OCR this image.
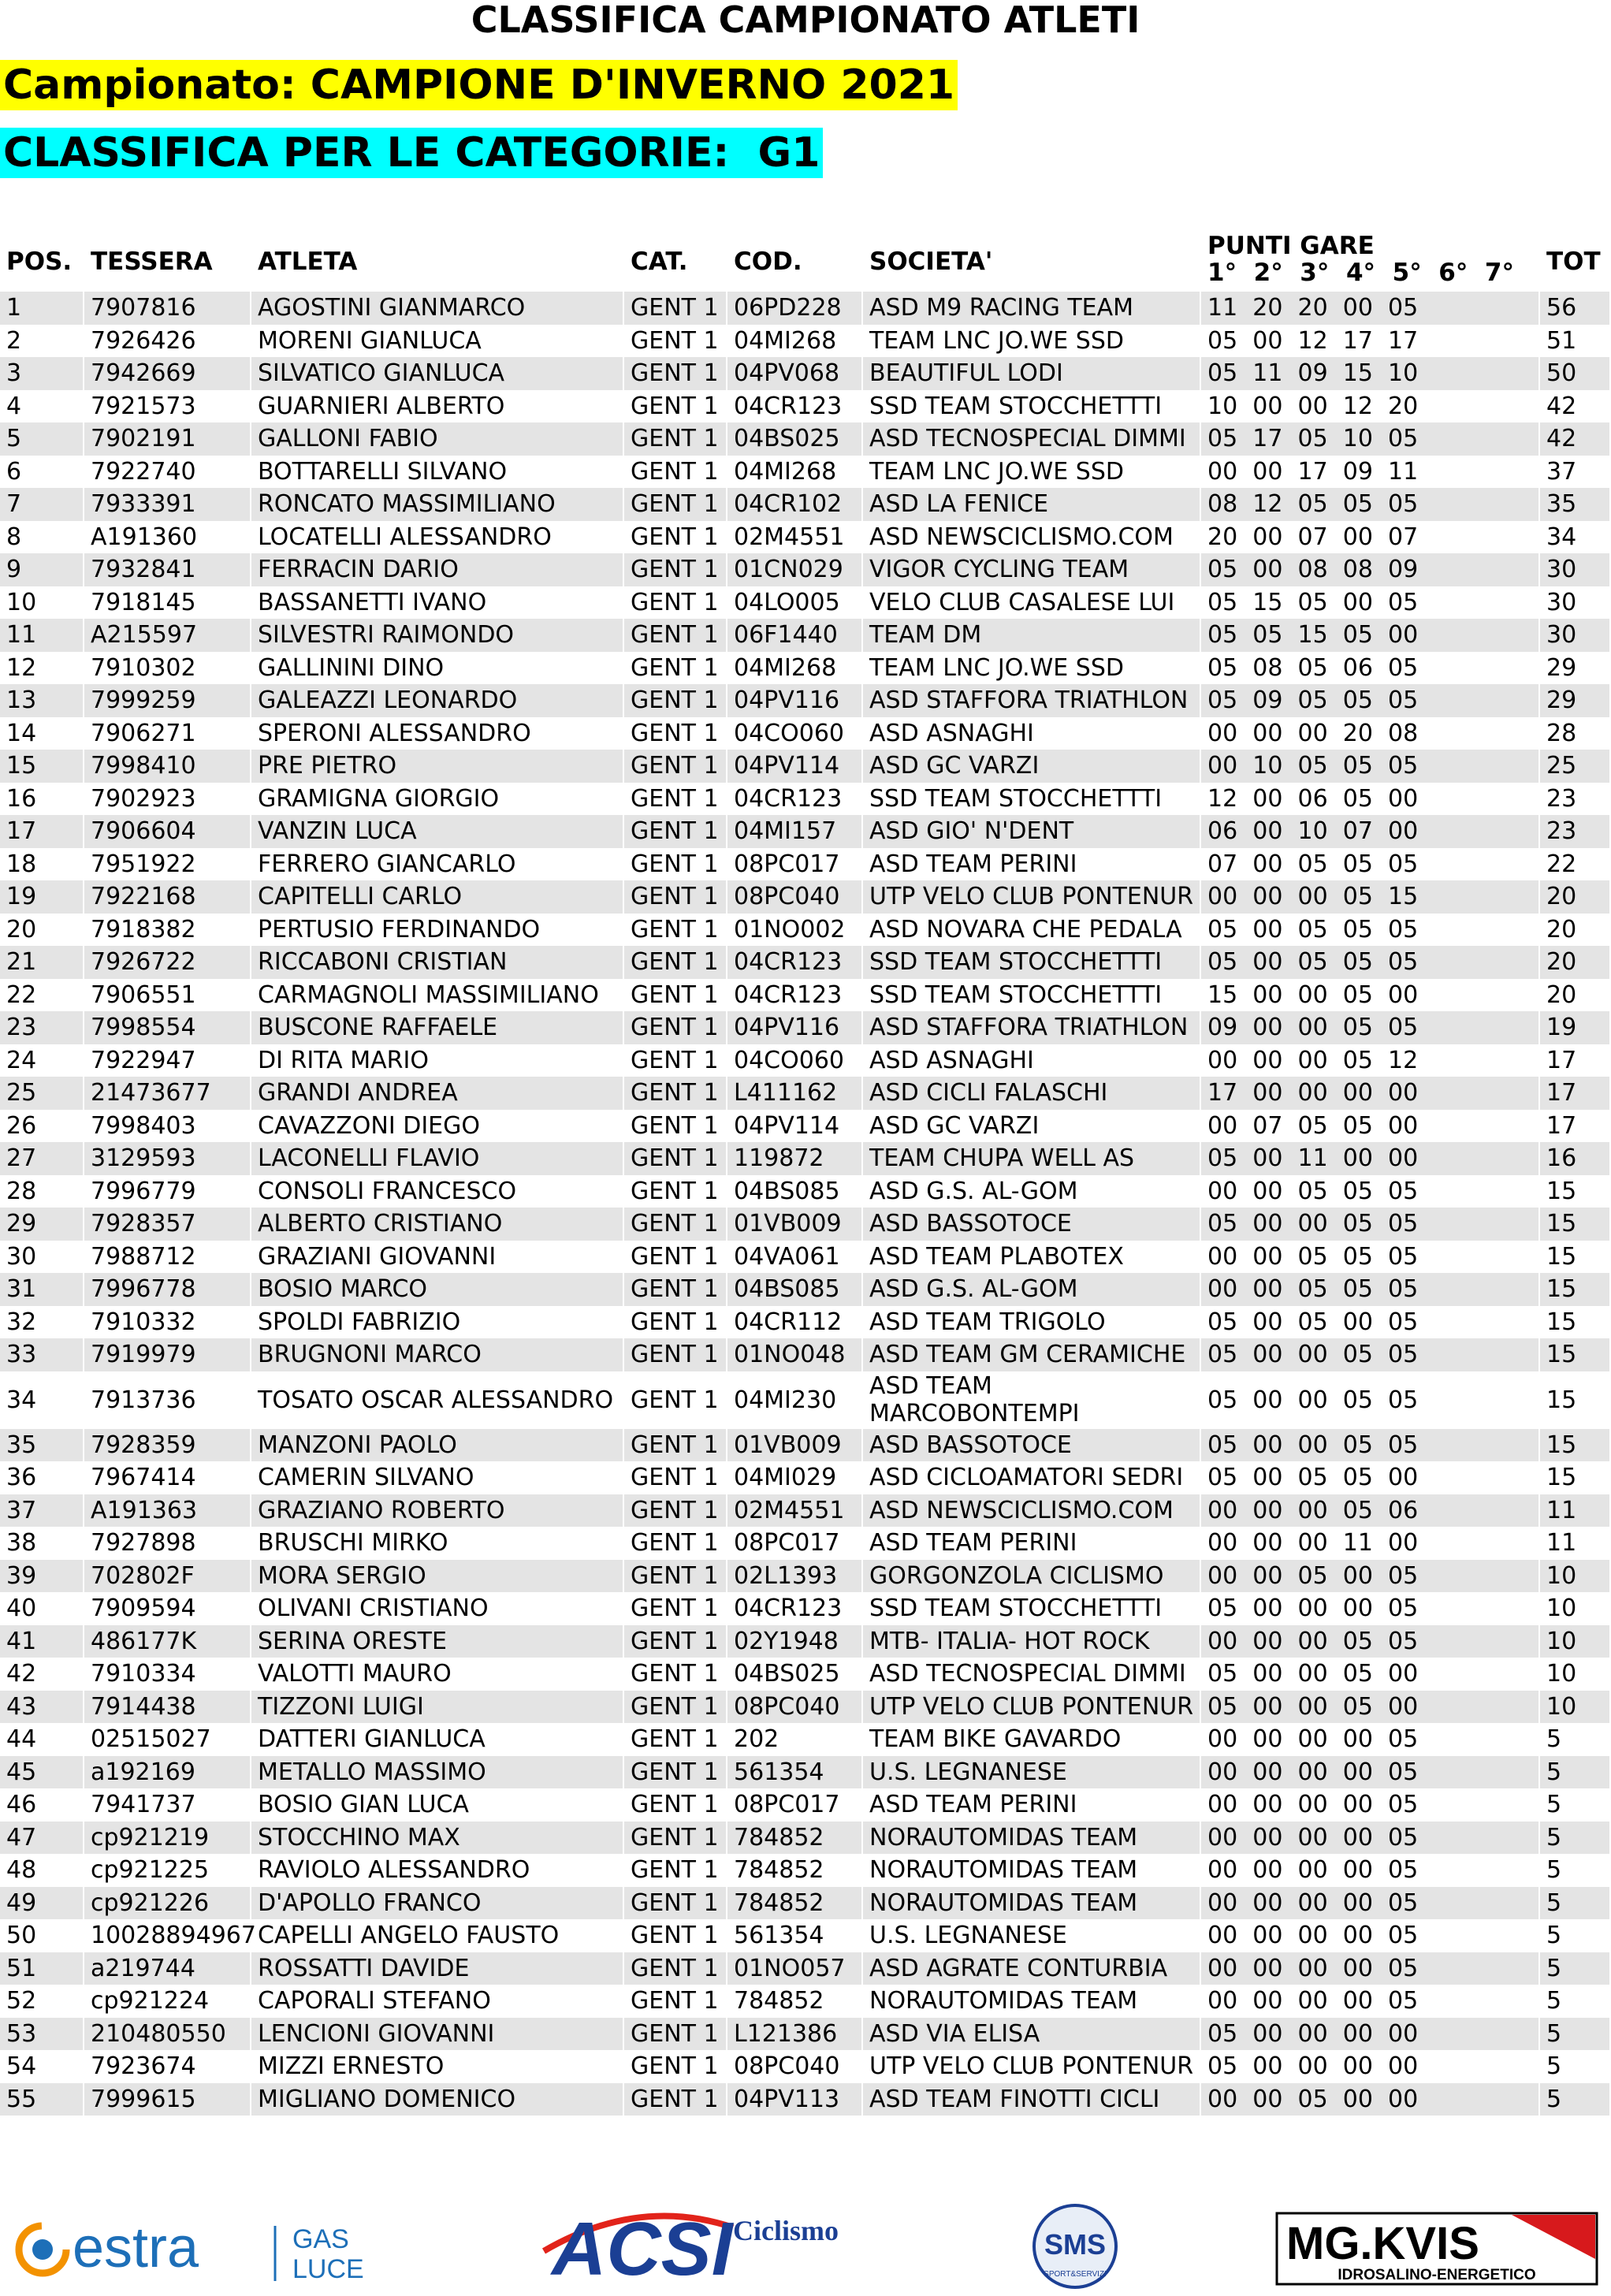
CLASSIFICA CAMPIONATO ATLETI
Campionato: CAMPIONE D'INVERNO 2021
CLASSIFICA PER LE CATEGORIE:  G1
POS. TESSERA ATLETA	CAT. COD.	SOCIETA'
PUNTI GARE
1°  2°  3°  4°  5°  6°  7° TOT
1	7907816	AGOSTINI GIANMARCO	GENT 1 06PD228	ASD M9 RACING TEAM	11  20  20  00  05	56
2	7926426	MORENI GIANLUCA	GENT 1 04MI268	TEAM LNC JO.WE SSD	05  00  12  17  17	51
3	7942669	SILVATICO GIANLUCA	GENT 1 04PV068	BEAUTIFUL LODI	05  11  09  15  10	50
4	7921573	GUARNIERI ALBERTO	GENT 1 04CR123	SSD TEAM STOCCHETTTI	10  00  00  12  20	42
5	7902191	GALLONI FABIO	GENT 1 04BS025	ASD TECNOSPECIAL DIMMI 05  17  05  10  05	42
6	7922740	BOTTARELLI SILVANO	GENT 1 04MI268	TEAM LNC JO.WE SSD	00  00  17  09  11	37
7	7933391	RONCATO MASSIMILIANO	GENT 1 04CR102	ASD LA FENICE	08  12  05  05  05	35
8	A191360	LOCATELLI ALESSANDRO	GENT 1 02M4551	ASD NEWSCICLISMO.COM	20  00  07  00  07	34
9	7932841	FERRACIN DARIO	GENT 1 01CN029	VIGOR CYCLING TEAM	05  00  08  08  09	30
10	7918145	BASSANETTI IVANO	GENT 1 04LO005	VELO CLUB CASALESE LUI	05  15  05  00  05	30
11	A215597	SILVESTRI RAIMONDO	GENT 1 06F1440	TEAM DM	05  05  15  05  00	30
12	7910302	GALLININI DINO	GENT 1 04MI268	TEAM LNC JO.WE SSD	05  08  05  06  05	29
13	7999259	GALEAZZI LEONARDO	GENT 1 04PV116	ASD STAFFORA TRIATHLON 05  09  05  05  05	29
14	7906271	SPERONI ALESSANDRO	GENT 1 04CO060	ASD ASNAGHI	00  00  00  20  08	28
15	7998410	PRE PIETRO	GENT 1 04PV114	ASD GC VARZI	00  10  05  05  05	25
16	7902923	GRAMIGNA GIORGIO	GENT 1 04CR123	SSD TEAM STOCCHETTTI	12  00  06  05  00	23
17	7906604	VANZIN LUCA	GENT 1 04MI157	ASD GIO' N'DENT	06  00  10  07  00	23
18	7951922	FERRERO GIANCARLO	GENT 1 08PC017	ASD TEAM PERINI	07  00  05  05  05	22
19	7922168	CAPITELLI CARLO	GENT 1 08PC040	UTP VELO CLUB PONTENUR 00  00  00  05  15	20
20	7918382	PERTUSIO FERDINANDO	GENT 1 01NO002	ASD NOVARA CHE PEDALA	05  00  05  05  05	20
21	7926722	RICCABONI CRISTIAN	GENT 1 04CR123	SSD TEAM STOCCHETTTI	05  00  05  05  05	20
22	7906551	CARMAGNOLI MASSIMILIANO	GENT 1 04CR123	SSD TEAM STOCCHETTTI	15  00  00  05  00	20
23	7998554	BUSCONE RAFFAELE	GENT 1 04PV116	ASD STAFFORA TRIATHLON 09  00  00  05  05	19
24	7922947	DI RITA MARIO	GENT 1 04CO060	ASD ASNAGHI	00  00  00  05  12	17
25	21473677	GRANDI ANDREA	GENT 1 L411162	ASD CICLI FALASCHI	17  00  00  00  00	17
26	7998403	CAVAZZONI DIEGO	GENT 1 04PV114	ASD GC VARZI	00  07  05  05  00	17
27	3129593	LACONELLI FLAVIO	GENT 1 119872	TEAM CHUPA WELL AS	05  00  11  00  00	16
28	7996779	CONSOLI FRANCESCO	GENT 1 04BS085	ASD G.S. AL-GOM	00  00  05  05  05	15
29	7928357	ALBERTO CRISTIANO	GENT 1 01VB009	ASD BASSOTOCE	05  00  00  05  05	15
30	7988712	GRAZIANI GIOVANNI	GENT 1 04VA061	ASD TEAM PLABOTEX	00  00  05  05  05	15
31	7996778	BOSIO MARCO	GENT 1 04BS085	ASD G.S. AL-GOM	00  00  05  05  05	15
32	7910332	SPOLDI FABRIZIO	GENT 1 04CR112	ASD TEAM TRIGOLO	05  00  05  00  05	15
33	7919979	BRUGNONI MARCO	GENT 1 01NO048	ASD TEAM GM CERAMICHE 05  00  00  05  05	15
34	7913736	TOSATO OSCAR ALESSANDRO GENT 1 04MI230	ASD TEAM MARCOBONTEMPI	05  00  00  05  05	15
35	7928359	MANZONI PAOLO	GENT 1 01VB009	ASD BASSOTOCE	05  00  00  05  05	15
36	7967414	CAMERIN SILVANO	GENT 1 04MI029	ASD CICLOAMATORI SEDRI	05  00  05  05  00	15
37	A191363	GRAZIANO ROBERTO	GENT 1 02M4551	ASD NEWSCICLISMO.COM	00  00  00  05  06	11
38	7927898	BRUSCHI MIRKO	GENT 1 08PC017	ASD TEAM PERINI	00  00  00  11  00	11
39	702802F	MORA SERGIO	GENT 1 02L1393	GORGONZOLA CICLISMO	00  00  05  00  05	10
40	7909594	OLIVANI CRISTIANO	GENT 1 04CR123	SSD TEAM STOCCHETTTI	05  00  00  00  05	10
41	486177K	SERINA ORESTE	GENT 1 02Y1948	MTB- ITALIA- HOT ROCK	00  00  00  05  05	10
42	7910334	VALOTTI MAURO	GENT 1 04BS025	ASD TECNOSPECIAL DIMMI 05  00  00  05  00	10
43	7914438	TIZZONI LUIGI	GENT 1 08PC040	UTP VELO CLUB PONTENUR 05  00  00  05  00	10
44	02515027	DATTERI GIANLUCA	GENT 1 202	TEAM BIKE GAVARDO	00  00  00  00  05	5
45	a192169	METALLO MASSIMO	GENT 1 561354	U.S. LEGNANESE	00  00  00  00  05	5
46	7941737	BOSIO GIAN LUCA	GENT 1 08PC017	ASD TEAM PERINI	00  00  00  00  05	5
47	cp921219	STOCCHINO MAX	GENT 1 784852	NORAUTOMIDAS TEAM	00  00  00  00  05	5
48	cp921225	RAVIOLO ALESSANDRO	GENT 1 784852	NORAUTOMIDAS TEAM	00  00  00  00  05	5
49	cp921226	D'APOLLO FRANCO	GENT 1 784852	NORAUTOMIDAS TEAM	00  00  00  00  05	5
50	10028894967 CAPELLI ANGELO FAUSTO	GENT 1 561354	U.S. LEGNANESE	00  00  00  00  05	5
51	a219744	ROSSATTI DAVIDE	GENT 1 01NO057	ASD AGRATE CONTURBIA	00  00  00  00  05	5
52	cp921224	CAPORALI STEFANO	GENT 1 784852	NORAUTOMIDAS TEAM	00  00  00  00  05	5
53	210480550	LENCIONI GIOVANNI	GENT 1 L121386	ASD VIA ELISA	05  00  00  00  00	5
54	7923674	MIZZI ERNESTO	GENT 1 08PC040	UTP VELO CLUB PONTENUR 05  00  00  00  00	5
55	7999615	MIGLIANO DOMENICO	GENT 1 04PV113	ASD TEAM FINOTTI CICLI	00  00  05  00  00	5
estra	GAS
LUCE ACSI Ciclismo	SMS
SPORT&SERVIZI
MG.KVIS
IDROSALINO-ENERGETICO
